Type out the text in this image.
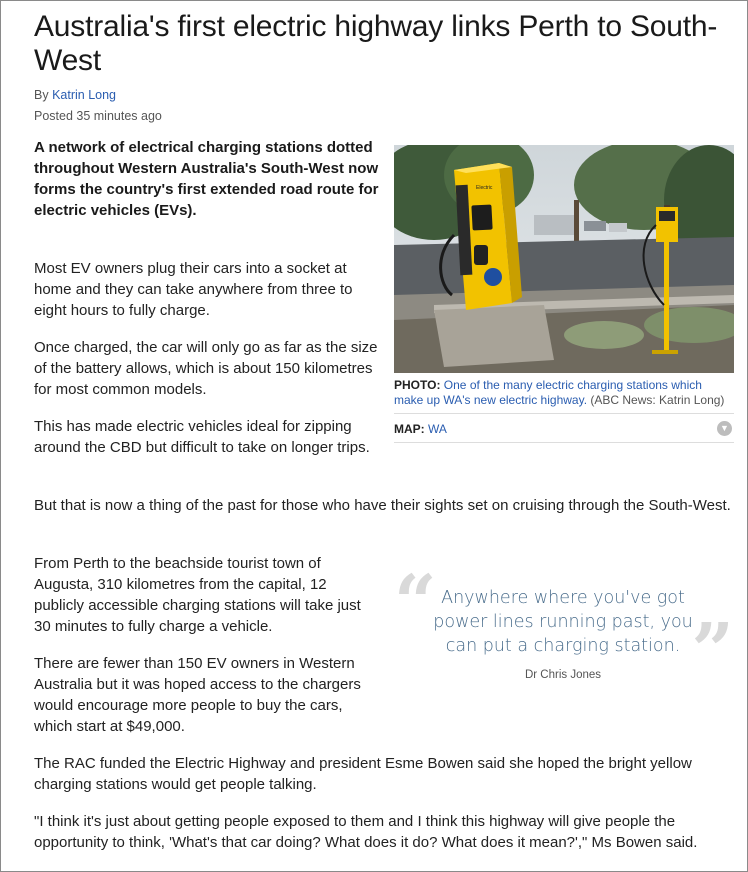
Australia's first electric highway links Perth to South-West
By Katrin Long
Posted 35 minutes ago
A network of electrical charging stations dotted throughout Western Australia's South-West now forms the country's first extended road route for electric vehicles (EVs).
Most EV owners plug their cars into a socket at home and they can take anywhere from three to eight hours to fully charge.
Once charged, the car will only go as far as the size of the battery allows, which is about 150 kilometres for most common models.
This has made electric vehicles ideal for zipping around the CBD but difficult to take on longer trips.
But that is now a thing of the past for those who have their sights set on cruising through the South-West.
From Perth to the beachside tourist town of Augusta, 310 kilometres from the capital, 12 publicly accessible charging stations will take just 30 minutes to fully charge a vehicle.
There are fewer than 150 EV owners in Western Australia but it was hoped access to the chargers would encourage more people to buy the cars, which start at $49,000.
The RAC funded the Electric Highway and president Esme Bowen said she hoped the bright yellow charging stations would get people talking.
"I think it's just about getting people exposed to them and I think this highway will give people the opportunity to think, 'What's that car doing? What does it do? What does it mean?'," Ms Bowen said.
Electric
PHOTO: One of the many electric charging stations which make up WA's new electric highway. (ABC News: Katrin Long)
MAP: WA	▼
“
”
Anywhere where you've got power lines running past, you can put a charging station.
Dr Chris Jones
